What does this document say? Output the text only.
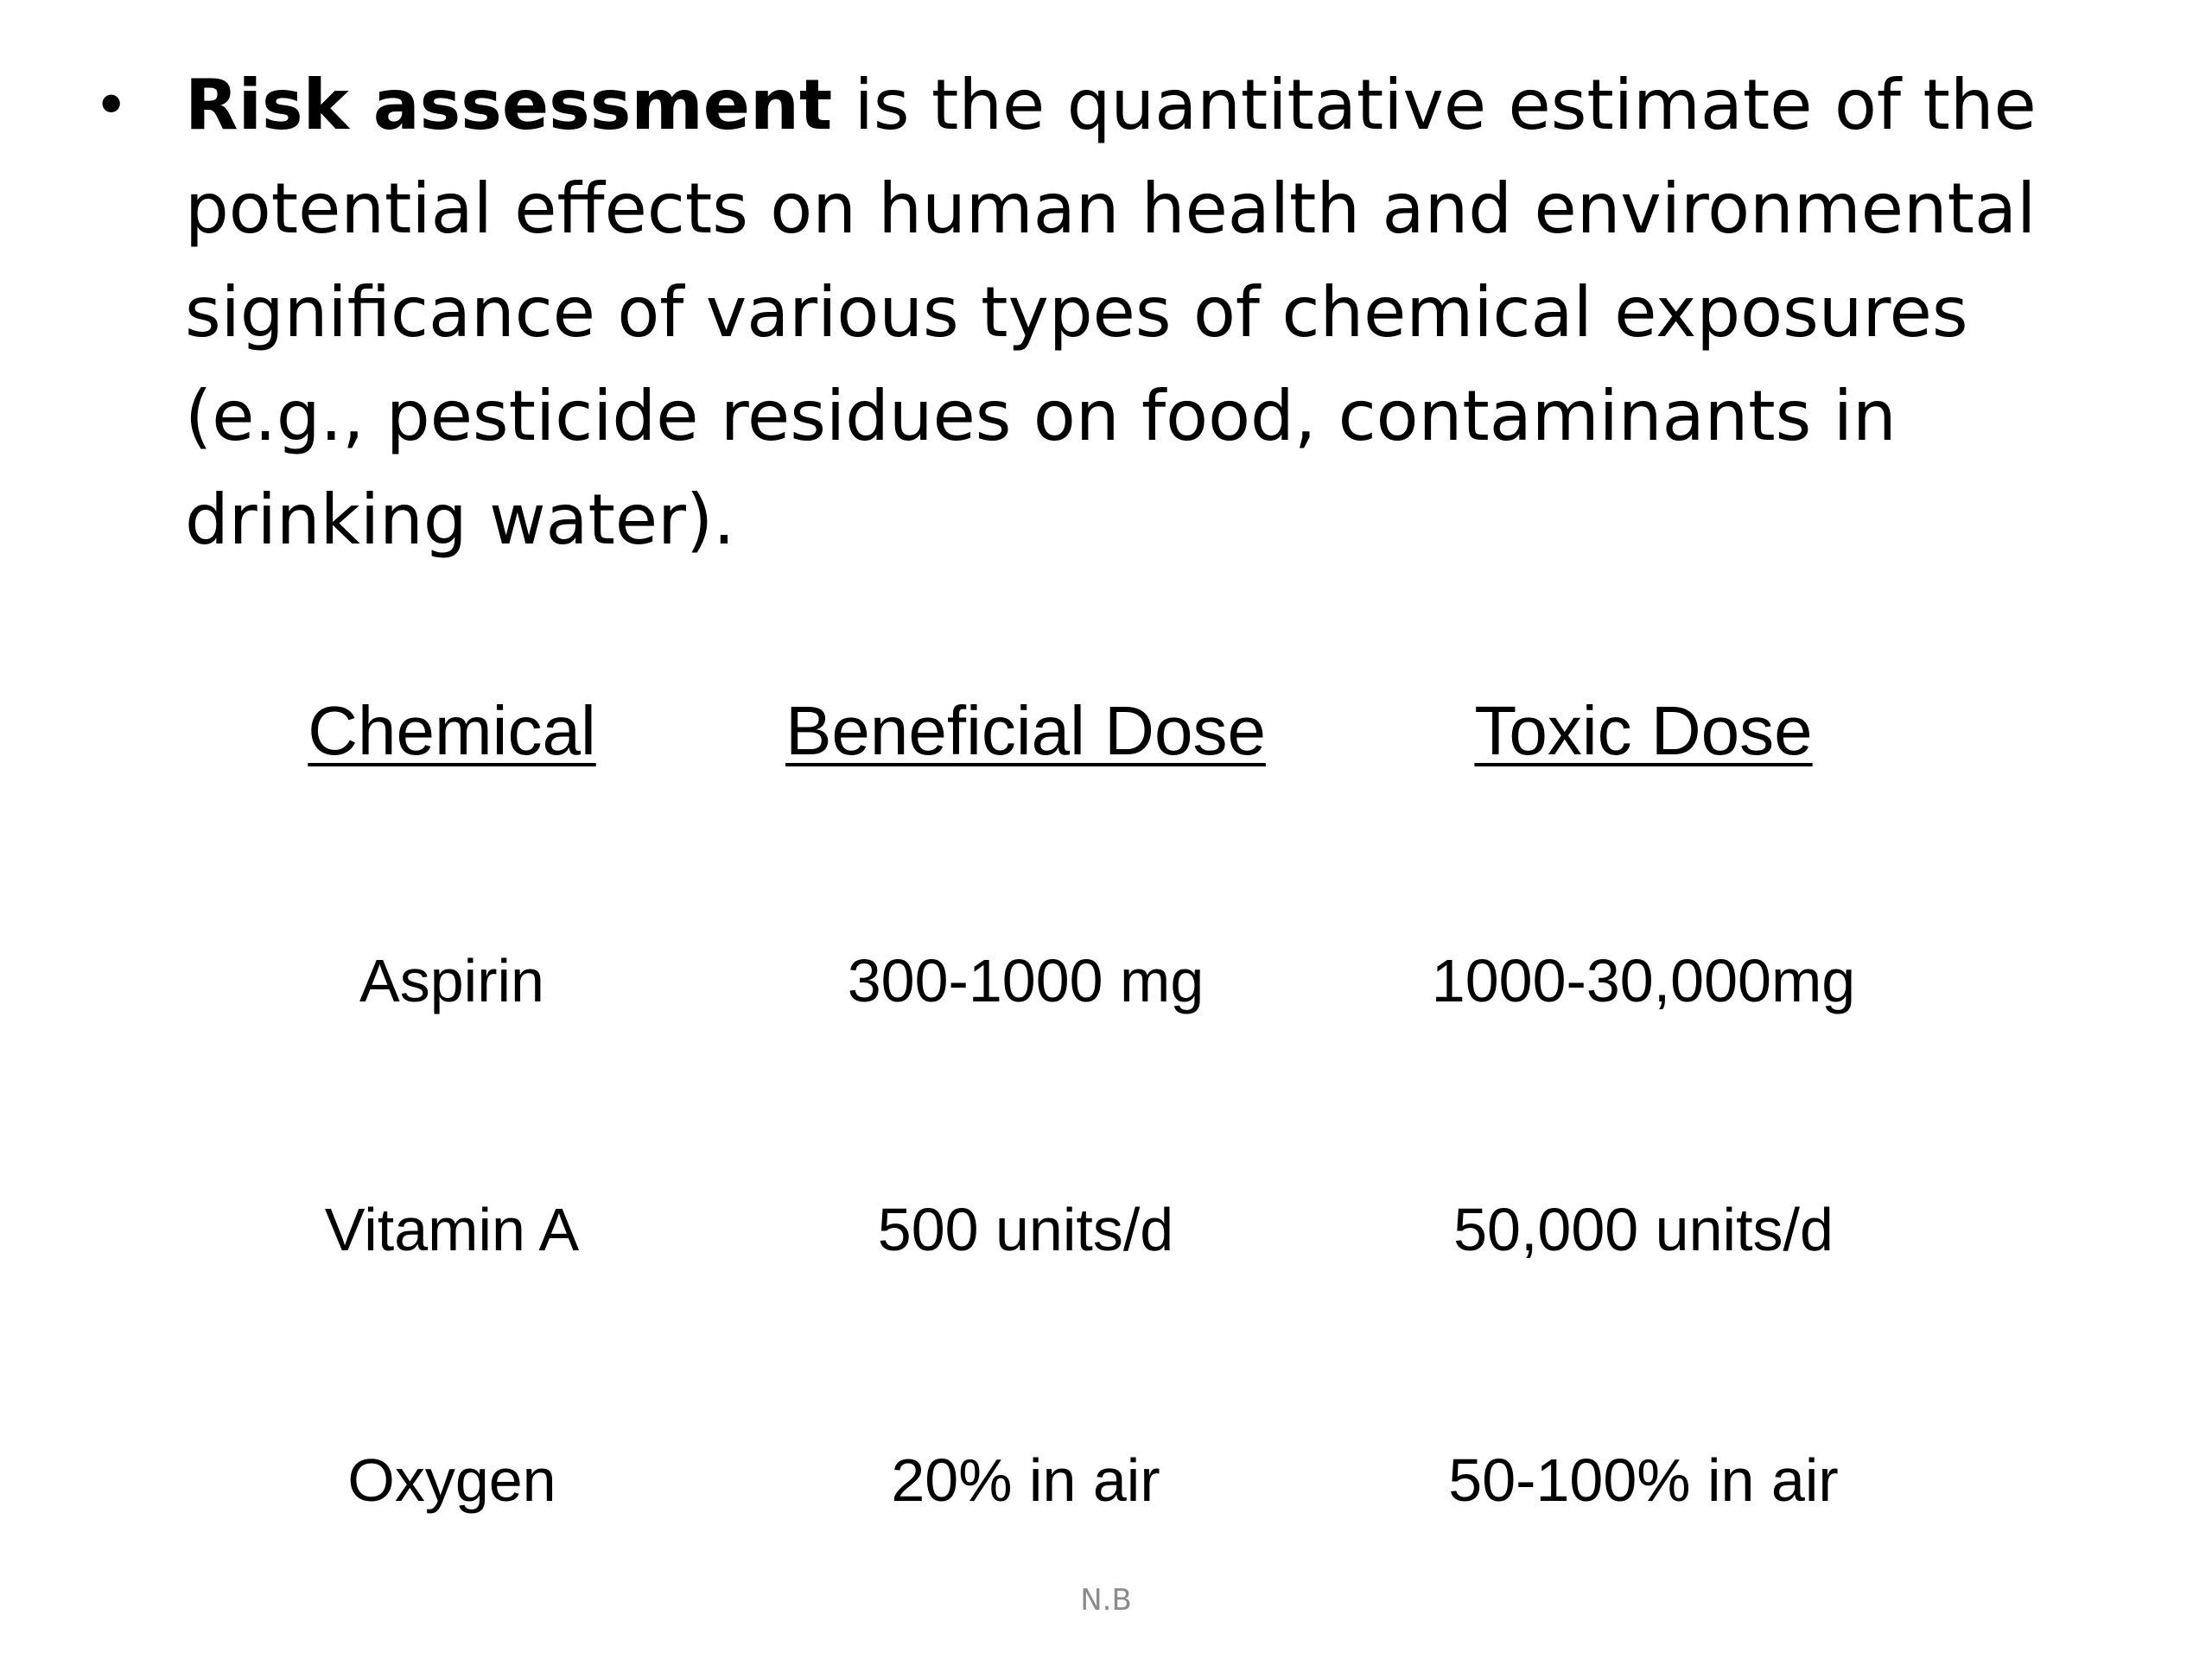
• Risk assessment is the quantitative estimate of the potential effects on human health and environmental significance of various types of chemical exposures (e.g., pesticide residues on food, contaminants in drinking water).
Chemical	Beneficial Dose	Toxic Dose
Aspirin	300-1000 mg	1000-30,000mg
Vitamin A	500 units/d	50,000 units/d
Oxygen	20% in air	50-100% in air
N.B
